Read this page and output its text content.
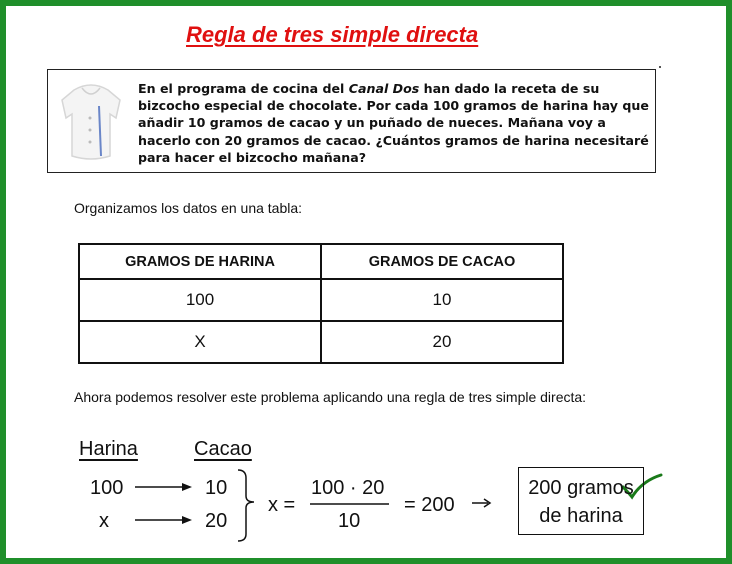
Regla de tres simple directa
En el programa de cocina del Canal Dos han dado la receta de su bizcocho especial de chocolate. Por cada 100 gramos de harina hay que añadir 10 gramos de cacao y un puñado de nueces. Mañana voy a hacerlo con 20 gramos de cacao. ¿Cuántos gramos de harina necesitaré para hacer el bizcocho mañana?
Organizamos los datos en una tabla:
GRAMOS DE HARINA	GRAMOS DE CACAO
100	10
X	20
Ahora podemos resolver este problema aplicando una regla de tres simple directa:
Harina	Cacao
100	10
x	20
x =
100 · 20
10
= 200
200 gramos
de harina
